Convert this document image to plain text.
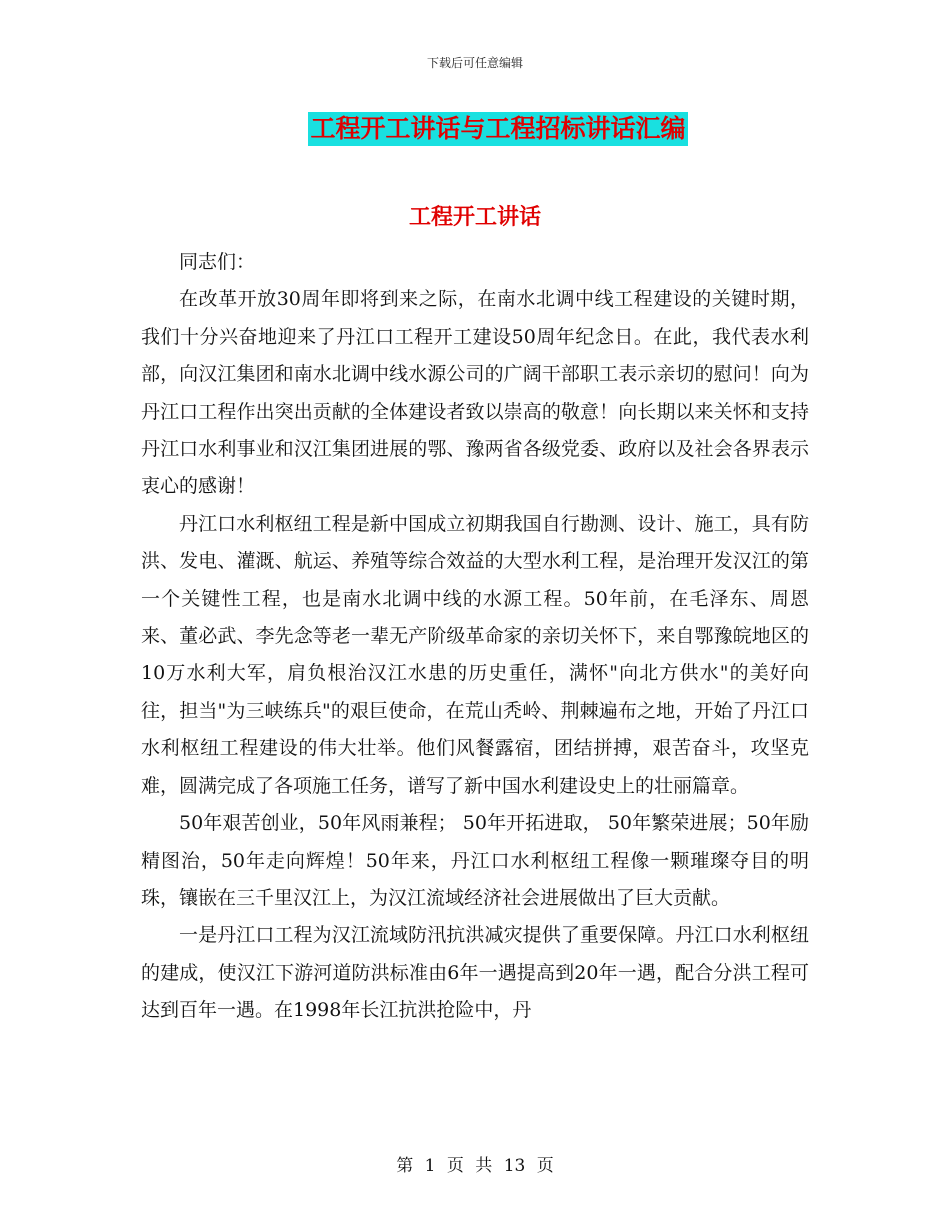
下载后可任意编辑
工程开工讲话与工程招标讲话汇编
工程开工讲话

同志们：

在改革开放30周年即将到来之际，在南水北调中线工程建设的关键时期，我们十分兴奋地迎来了丹江口工程开工建设50周年纪念日。在此，我代表水利部，向汉江集团和南水北调中线水源公司的广阔干部职工表示亲切的慰问！向为丹江口工程作出突出贡献的全体建设者致以崇高的敬意！向长期以来关怀和支持丹江口水利事业和汉江集团进展的鄂、豫两省各级党委、政府以及社会各界表示衷心的感谢！

丹江口水利枢纽工程是新中国成立初期我国自行勘测、设计、施工，具有防洪、发电、灌溉、航运、养殖等综合效益的大型水利工程，是治理开发汉江的第一个关键性工程，也是南水北调中线的水源工程。50年前，在毛泽东、周恩来、董必武、李先念等老一辈无产阶级革命家的亲切关怀下，来自鄂豫皖地区的10万水利大军，肩负根治汉江水患的历史重任，满怀"向北方供水"的美好向往，担当"为三峡练兵"的艰巨使命，在荒山秃岭、荆棘遍布之地，开始了丹江口水利枢纽工程建设的伟大壮举。他们风餐露宿，团结拼搏，艰苦奋斗，攻坚克难，圆满完成了各项施工任务，谱写了新中国水利建设史上的壮丽篇章。

50年艰苦创业，50年风雨兼程； 50年开拓进取， 50年繁荣进展；50年励精图治，50年走向辉煌！50年来，丹江口水利枢纽工程像一颗璀璨夺目的明珠，镶嵌在三千里汉江上，为汉江流域经济社会进展做出了巨大贡献。

一是丹江口工程为汉江流域防汛抗洪减灾提供了重要保障。丹江口水利枢纽的建成，使汉江下游河道防洪标准由6年一遇提高到20年一遇，配合分洪工程可达到百年一遇。在1998年长江抗洪抢险中，丹

第 1 页 共 13 页
